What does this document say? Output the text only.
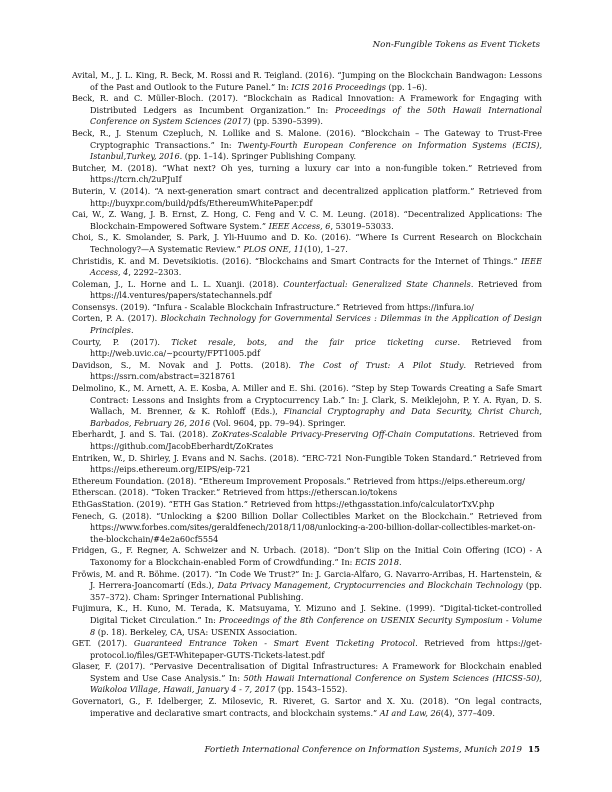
Non-Fungible Tokens as Event Tickets

Avital, M., J. L. King, R. Beck, M. Rossi and R. Teigland. (2016). “Jumping on the Blockchain Bandwagon: Lessons of the Past and Outlook to the Future Panel.” In: ICIS 2016 Proceedings (pp. 1–6).

Beck, R. and C. Müller-Bloch. (2017). “Blockchain as Radical Innovation: A Framework for Engaging with Distributed Ledgers as Incumbent Organization.” In: Proceedings of the 50th Hawaii International Conference on System Sciences (2017) (pp. 5390–5399).

Beck, R., J. Stenum Czepluch, N. Lollike and S. Malone. (2016). “Blockchain – The Gateway to Trust-Free Cryptographic Transactions.” In: Twenty-Fourth European Conference on Information Systems (ECIS), Istanbul,Turkey, 2016. (pp. 1–14). Springer Publishing Company.

Butcher, M. (2018). “What next? Oh yes, turning a luxury car into a non-fungible token.” Retrieved from https://tcrn.ch/2uPJuIf

Buterin, V. (2014). “A next-generation smart contract and decentralized application platform.” Retrieved from http://buyxpr.com/build/pdfs/EthereumWhitePaper.pdf

Cai, W., Z. Wang, J. B. Ernst, Z. Hong, C. Feng and V. C. M. Leung. (2018). “Decentralized Applications: The Blockchain-Empowered Software System.” IEEE Access, 6, 53019–53033.

Choi, S., K. Smolander, S. Park, J. Yli-Huumo and D. Ko. (2016). “Where Is Current Research on Blockchain Technology?—A Systematic Review.” PLOS ONE, 11(10), 1–27.

Christidis, K. and M. Devetsikiotis. (2016). “Blockchains and Smart Contracts for the Internet of Things.” IEEE Access, 4, 2292–2303.

Coleman, J., L. Horne and L. L. Xuanji. (2018). Counterfactual: Generalized State Channels. Retrieved from https://l4.ventures/papers/statechannels.pdf

Consensys. (2019). “Infura - Scalable Blockchain Infrastructure.” Retrieved from https://infura.io/

Corten, P. A. (2017). Blockchain Technology for Governmental Services : Dilemmas in the Application of Design Principles.

Courty, P. (2017). Ticket resale, bots, and the fair price ticketing curse. Retrieved from http://web.uvic.ca/~pcourty/FPT1005.pdf

Davidson, S., M. Novak and J. Potts. (2018). The Cost of Trust: A Pilot Study. Retrieved from https://ssrn.com/abstract=3218761

Delmolino, K., M. Arnett, A. E. Kosba, A. Miller and E. Shi. (2016). “Step by Step Towards Creating a Safe Smart Contract: Lessons and Insights from a Cryptocurrency Lab.” In: J. Clark, S. Meiklejohn, P. Y. A. Ryan, D. S. Wallach, M. Brenner, & K. Rohloff (Eds.), Financial Cryptography and Data Security, Christ Church, Barbados, February 26, 2016 (Vol. 9604, pp. 79–94). Springer.

Eberhardt, J. and S. Tai. (2018). ZoKrates-Scalable Privacy-Preserving Off-Chain Computations. Retrieved from https://github.com/JacobEberhardt/ZoKrates

Entriken, W., D. Shirley, J. Evans and N. Sachs. (2018). “ERC-721 Non-Fungible Token Standard.” Retrieved from https://eips.ethereum.org/EIPS/eip-721

Ethereum Foundation. (2018). “Ethereum Improvement Proposals.” Retrieved from https://eips.ethereum.org/

Etherscan. (2018). “Token Tracker.” Retrieved from https://etherscan.io/tokens

EthGasStation. (2019). “ETH Gas Station.” Retrieved from https://ethgasstation.info/calculatorTxV.php

Fenech, G. (2018). “Unlocking a $200 Billion Dollar Collectibles Market on the Blockchain.” Retrieved from https://www.forbes.com/sites/geraldfenech/2018/11/08/unlocking-a-200-billion-dollar-collectibles-market-on-the-blockchain/#4e2a60cf5554

Fridgen, G., F. Regner, A. Schweizer and N. Urbach. (2018). “Don’t Slip on the Initial Coin Offering (ICO) - A Taxonomy for a Blockchain-enabled Form of Crowdfunding.” In: ECIS 2018.

Fröwis, M. and R. Böhme. (2017). “In Code We Trust?” In: J. Garcia-Alfaro, G. Navarro-Arribas, H. Hartenstein, & J. Herrera-Joancomartí (Eds.), Data Privacy Management, Cryptocurrencies and Blockchain Technology (pp. 357–372). Cham: Springer International Publishing.

Fujimura, K., H. Kuno, M. Terada, K. Matsuyama, Y. Mizuno and J. Sekine. (1999). “Digital-ticket-controlled Digital Ticket Circulation.” In: Proceedings of the 8th Conference on USENIX Security Symposium - Volume 8 (p. 18). Berkeley, CA, USA: USENIX Association.

GET. (2017). Guaranteed Entrance Token - Smart Event Ticketing Protocol. Retrieved from https://get-protocol.io/files/GET-Whitepaper-GUTS-Tickets-latest.pdf

Glaser, F. (2017). “Pervasive Decentralisation of Digital Infrastructures: A Framework for Blockchain enabled System and Use Case Analysis.” In: 50th Hawaii International Conference on System Sciences (HICSS-50), Waikoloa Village, Hawaii, January 4 - 7, 2017 (pp. 1543–1552).

Governatori, G., F. Idelberger, Z. Milosevic, R. Riveret, G. Sartor and X. Xu. (2018). “On legal contracts, imperative and declarative smart contracts, and blockchain systems.” AI and Law, 26(4), 377–409.

Fortieth International Conference on Information Systems, Munich 2019 15
